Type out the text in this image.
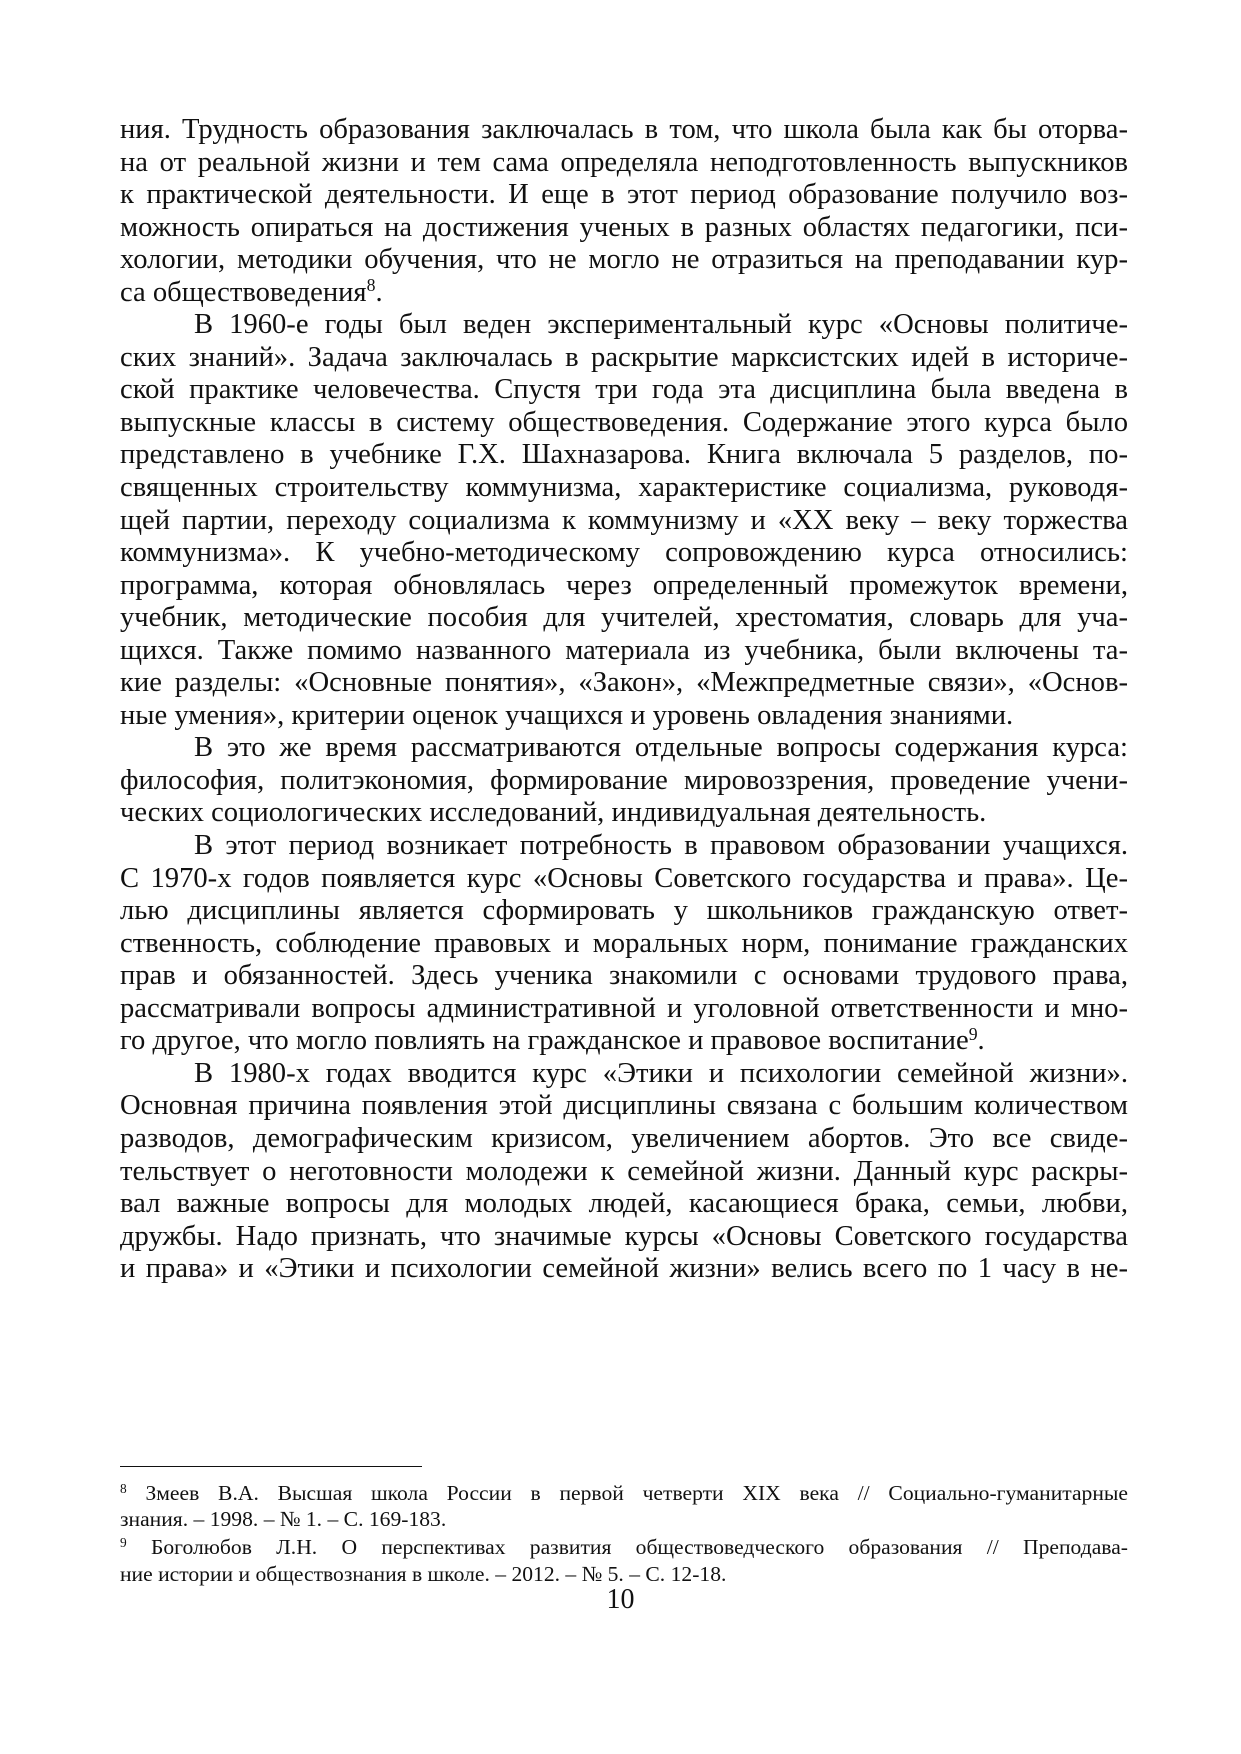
ния. Трудность образования заключалась в том, что школа была как бы оторва-
на от реальной жизни и тем сама определяла неподготовленность выпускников
к практической деятельности. И еще в этот период образование получило воз-
можность опираться на достижения ученых в разных областях педагогики, пси-
хологии, методики обучения, что не могло не отразиться на преподавании кур-
са обществоведения$^8$.

В 1960-е годы был веден экспериментальный курс «Основы политиче-
ских знаний». Задача заключалась в раскрытие марксистских идей в историче-
ской практике человечества. Спустя три года эта дисциплина была введена в
выпускные классы в систему обществоведения. Содержание этого курса было
представлено в учебнике Г.Х. Шахназарова. Книга включала 5 разделов, по-
священных строительству коммунизма, характеристике социализма, руководя-
щей партии, переходу социализма к коммунизму и «XX веку – веку торжества
коммунизма». К учебно-методическому сопровождению курса относились:
программа, которая обновлялась через определенный промежуток времени,
учебник, методические пособия для учителей, хрестоматия, словарь для уча-
щихся. Также помимо названного материала из учебника, были включены та-
кие разделы: «Основные понятия», «Закон», «Межпредметные связи», «Основ-
ные умения», критерии оценок учащихся и уровень овладения знаниями.

В это же время рассматриваются отдельные вопросы содержания курса:
философия, политэкономия, формирование мировоззрения, проведение учени-
ческих социологических исследований, индивидуальная деятельность.

В этот период возникает потребность в правовом образовании учащихся.
С 1970-х годов появляется курс «Основы Советского государства и права». Це-
лью дисциплины является сформировать у школьников гражданскую ответ-
ственность, соблюдение правовых и моральных норм, понимание гражданских
прав и обязанностей. Здесь ученика знакомили с основами трудового права,
рассматривали вопросы административной и уголовной ответственности и мно-
го другое, что могло повлиять на гражданское и правовое воспитание$^9$.

В 1980-х годах вводится курс «Этики и психологии семейной жизни».
Основная причина появления этой дисциплины связана с большим количеством
разводов, демографическим кризисом, увеличением абортов. Это все свиде-
тельствует о неготовности молодежи к семейной жизни. Данный курс раскры-
вал важные вопросы для молодых людей, касающиеся брака, семьи, любви,
дружбы. Надо признать, что значимые курсы «Основы Советского государства
и права» и «Этики и психологии семейной жизни» велись всего по 1 часу в не-

$^8$ Змеев В.А. Высшая школа России в первой четверти XIX века // Социально-гуманитарные
знания. – 1998. – № 1. – С. 169-183.
$^9$ Боголюбов Л.Н. О перспективах развития обществоведческого образования // Преподава-
ние истории и обществознания в школе. – 2012. – № 5. – С. 12-18.
10
